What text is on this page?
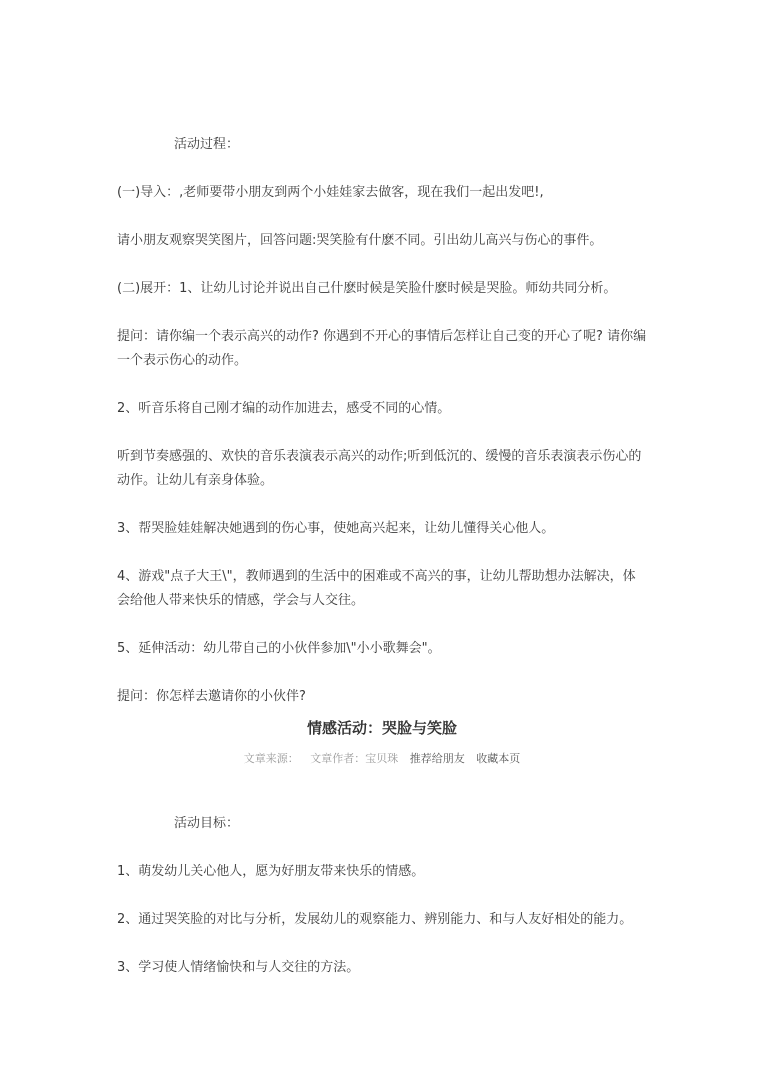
活动过程：

(一)导入：,老师要带小朋友到两个小娃娃家去做客，现在我们一起出发吧!,

请小朋友观察哭笑图片，回答问题:哭笑脸有什麽不同。引出幼儿高兴与伤心的事件。

(二)展开：1、让幼儿讨论并说出自己什麽时候是笑脸什麽时候是哭脸。师幼共同分析。

提问：请你编一个表示高兴的动作? 你遇到不开心的事情后怎样让自己变的开心了呢? 请你编一个表示伤心的动作。

2、听音乐将自己刚才编的动作加进去，感受不同的心情。

听到节奏感强的、欢快的音乐表演表示高兴的动作;听到低沉的、缓慢的音乐表演表示伤心的动作。让幼儿有亲身体验。

3、帮哭脸娃娃解决她遇到的伤心事，使她高兴起来，让幼儿懂得关心他人。

4、游戏"点子大王\"，教师遇到的生活中的困难或不高兴的事，让幼儿帮助想办法解决，体会给他人带来快乐的情感，学会与人交往。

5、延伸活动：幼儿带自己的小伙伴参加\"小小歌舞会"。

提问：你怎样去邀请你的小伙伴?

情感活动：哭脸与笑脸
文章来源： 文章作者：宝贝珠 推荐给朋友 收藏本页

活动目标：

1、萌发幼儿关心他人，愿为好朋友带来快乐的情感。

2、通过哭笑脸的对比与分析，发展幼儿的观察能力、辨别能力、和与人友好相处的能力。

3、学习使人情绪愉快和与人交往的方法。
